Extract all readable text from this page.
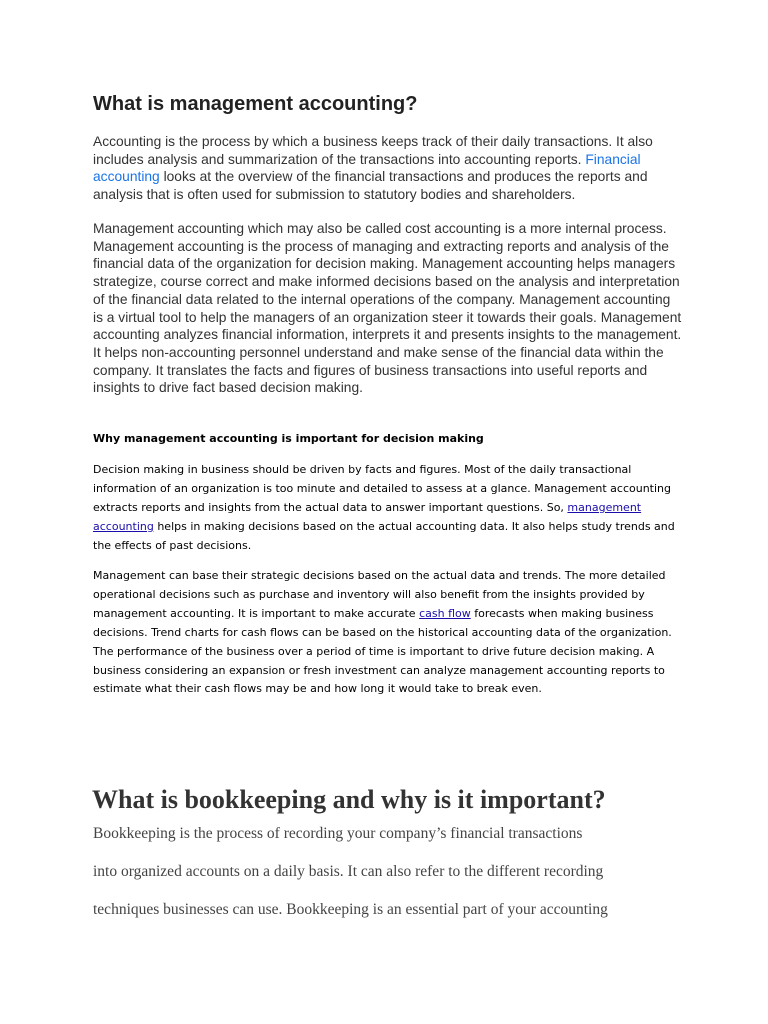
What is management accounting?

Accounting is the process by which a business keeps track of their daily transactions. It also includes analysis and summarization of the transactions into accounting reports. Financial accounting looks at the overview of the financial transactions and produces the reports and analysis that is often used for submission to statutory bodies and shareholders.

Management accounting which may also be called cost accounting is a more internal process. Management accounting is the process of managing and extracting reports and analysis of the financial data of the organization for decision making. Management accounting helps managers strategize, course correct and make informed decisions based on the analysis and interpretation of the financial data related to the internal operations of the company. Management accounting is a virtual tool to help the managers of an organization steer it towards their goals. Management accounting analyzes financial information, interprets it and presents insights to the management. It helps non-accounting personnel understand and make sense of the financial data within the company. It translates the facts and figures of business transactions into useful reports and insights to drive fact based decision making.

Why management accounting is important for decision making

Decision making in business should be driven by facts and figures. Most of the daily transactional information of an organization is too minute and detailed to assess at a glance. Management accounting extracts reports and insights from the actual data to answer important questions. So, management accounting helps in making decisions based on the actual accounting data. It also helps study trends and the effects of past decisions.

Management can base their strategic decisions based on the actual data and trends. The more detailed operational decisions such as purchase and inventory will also benefit from the insights provided by management accounting. It is important to make accurate cash flow forecasts when making business decisions. Trend charts for cash flows can be based on the historical accounting data of the organization. The performance of the business over a period of time is important to drive future decision making. A business considering an expansion or fresh investment can analyze management accounting reports to estimate what their cash flows may be and how long it would take to break even.

What is bookkeeping and why is it important?

Bookkeeping is the process of recording your company’s financial transactions

into organized accounts on a daily basis. It can also refer to the different recording

techniques businesses can use. Bookkeeping is an essential part of your accounting
